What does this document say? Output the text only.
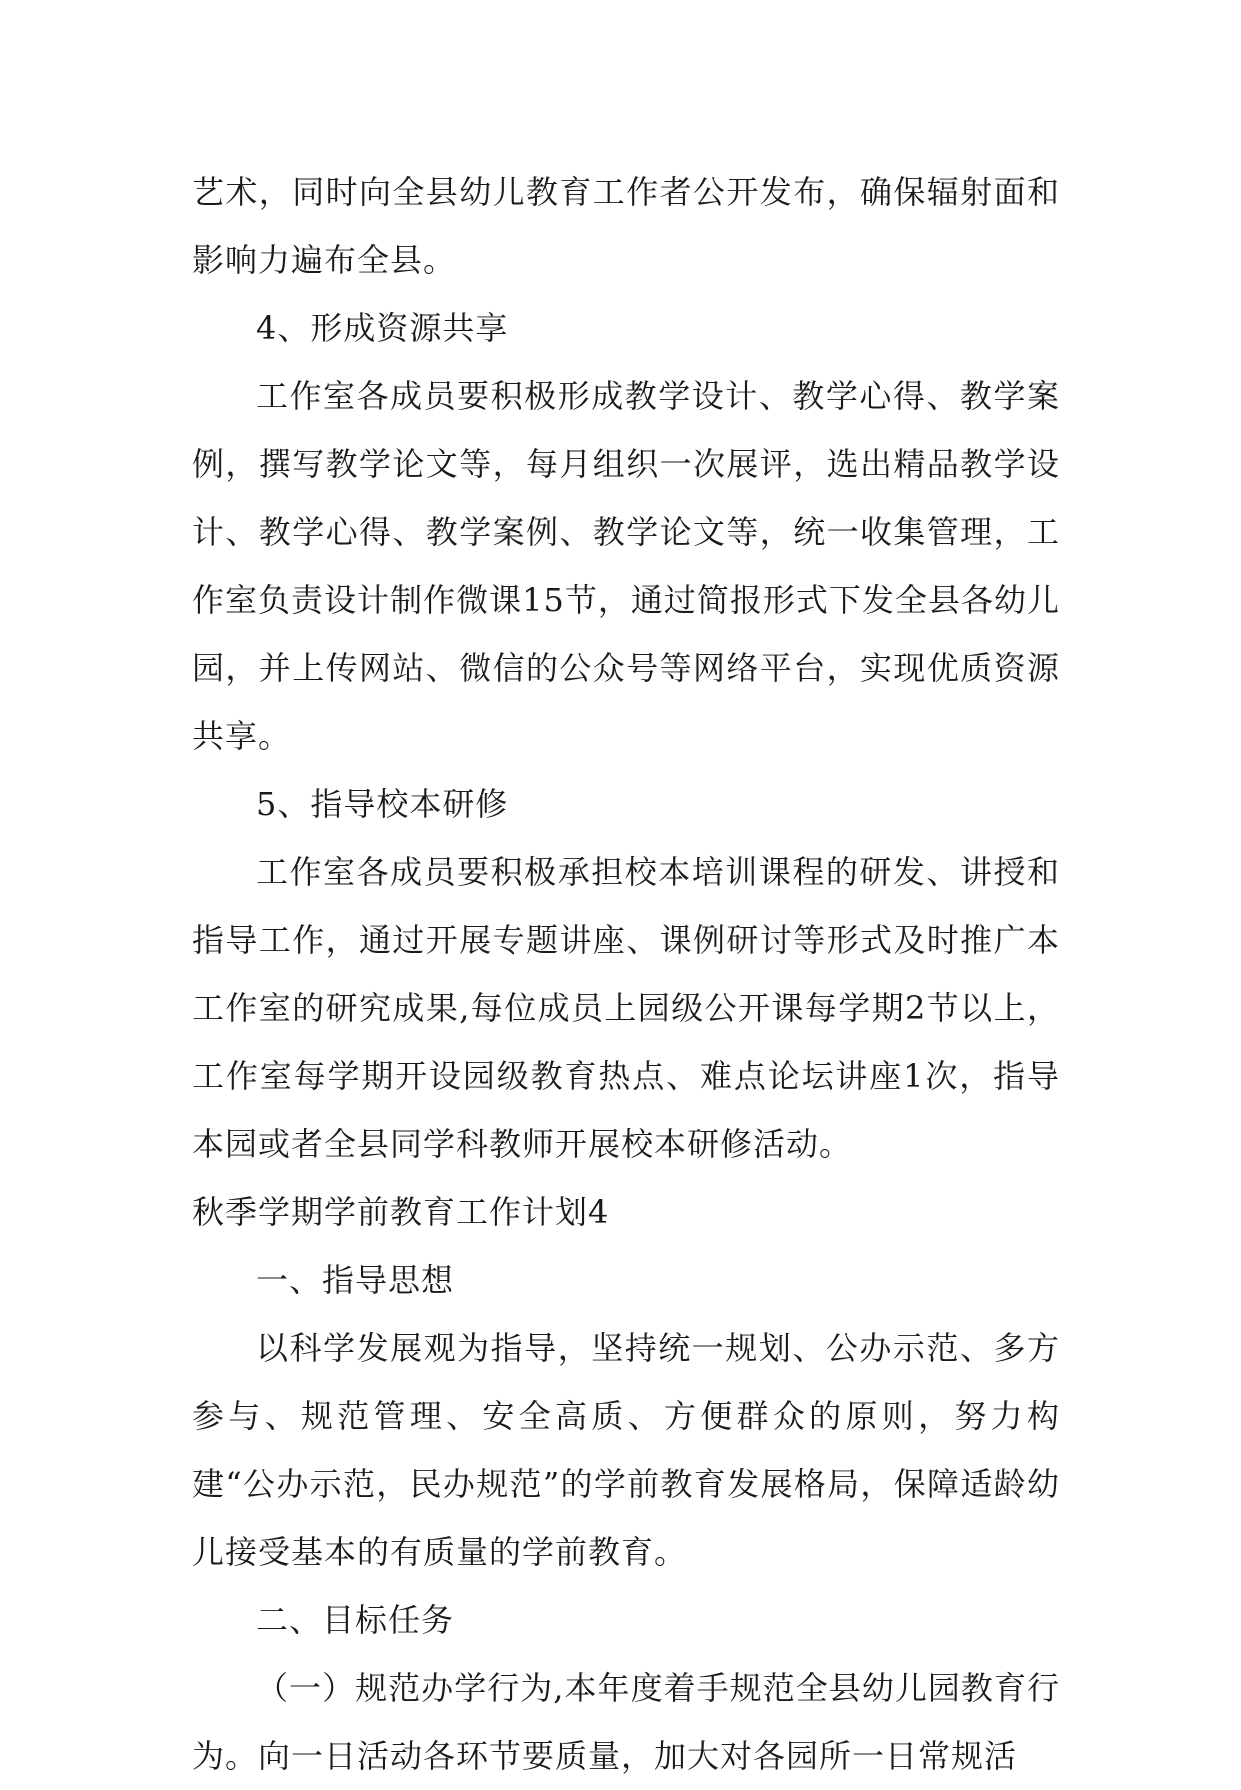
艺术，同时向全县幼儿教育工作者公开发布，确保辐射面和影响力遍布全县。

4、形成资源共享

工作室各成员要积极形成教学设计、教学心得、教学案例，撰写教学论文等，每月组织一次展评，选出精品教学设计、教学心得、教学案例、教学论文等，统一收集管理，工作室负责设计制作微课15节，通过简报形式下发全县各幼儿园，并上传网站、微信的公众号等网络平台，实现优质资源共享。

5、指导校本研修

工作室各成员要积极承担校本培训课程的研发、讲授和指导工作，通过开展专题讲座、课例研讨等形式及时推广本工作室的研究成果,每位成员上园级公开课每学期2节以上，工作室每学期开设园级教育热点、难点论坛讲座1次，指导本园或者全县同学科教师开展校本研修活动。

秋季学期学前教育工作计划4

一、指导思想

以科学发展观为指导，坚持统一规划、公办示范、多方参与、规范管理、安全高质、方便群众的原则，努力构建“公办示范，民办规范”的学前教育发展格局，保障适龄幼儿接受基本的有质量的学前教育。

二、目标任务

（一）规范办学行为,本年度着手规范全县幼儿园教育行为。向一日活动各环节要质量，加大对各园所一日常规活
